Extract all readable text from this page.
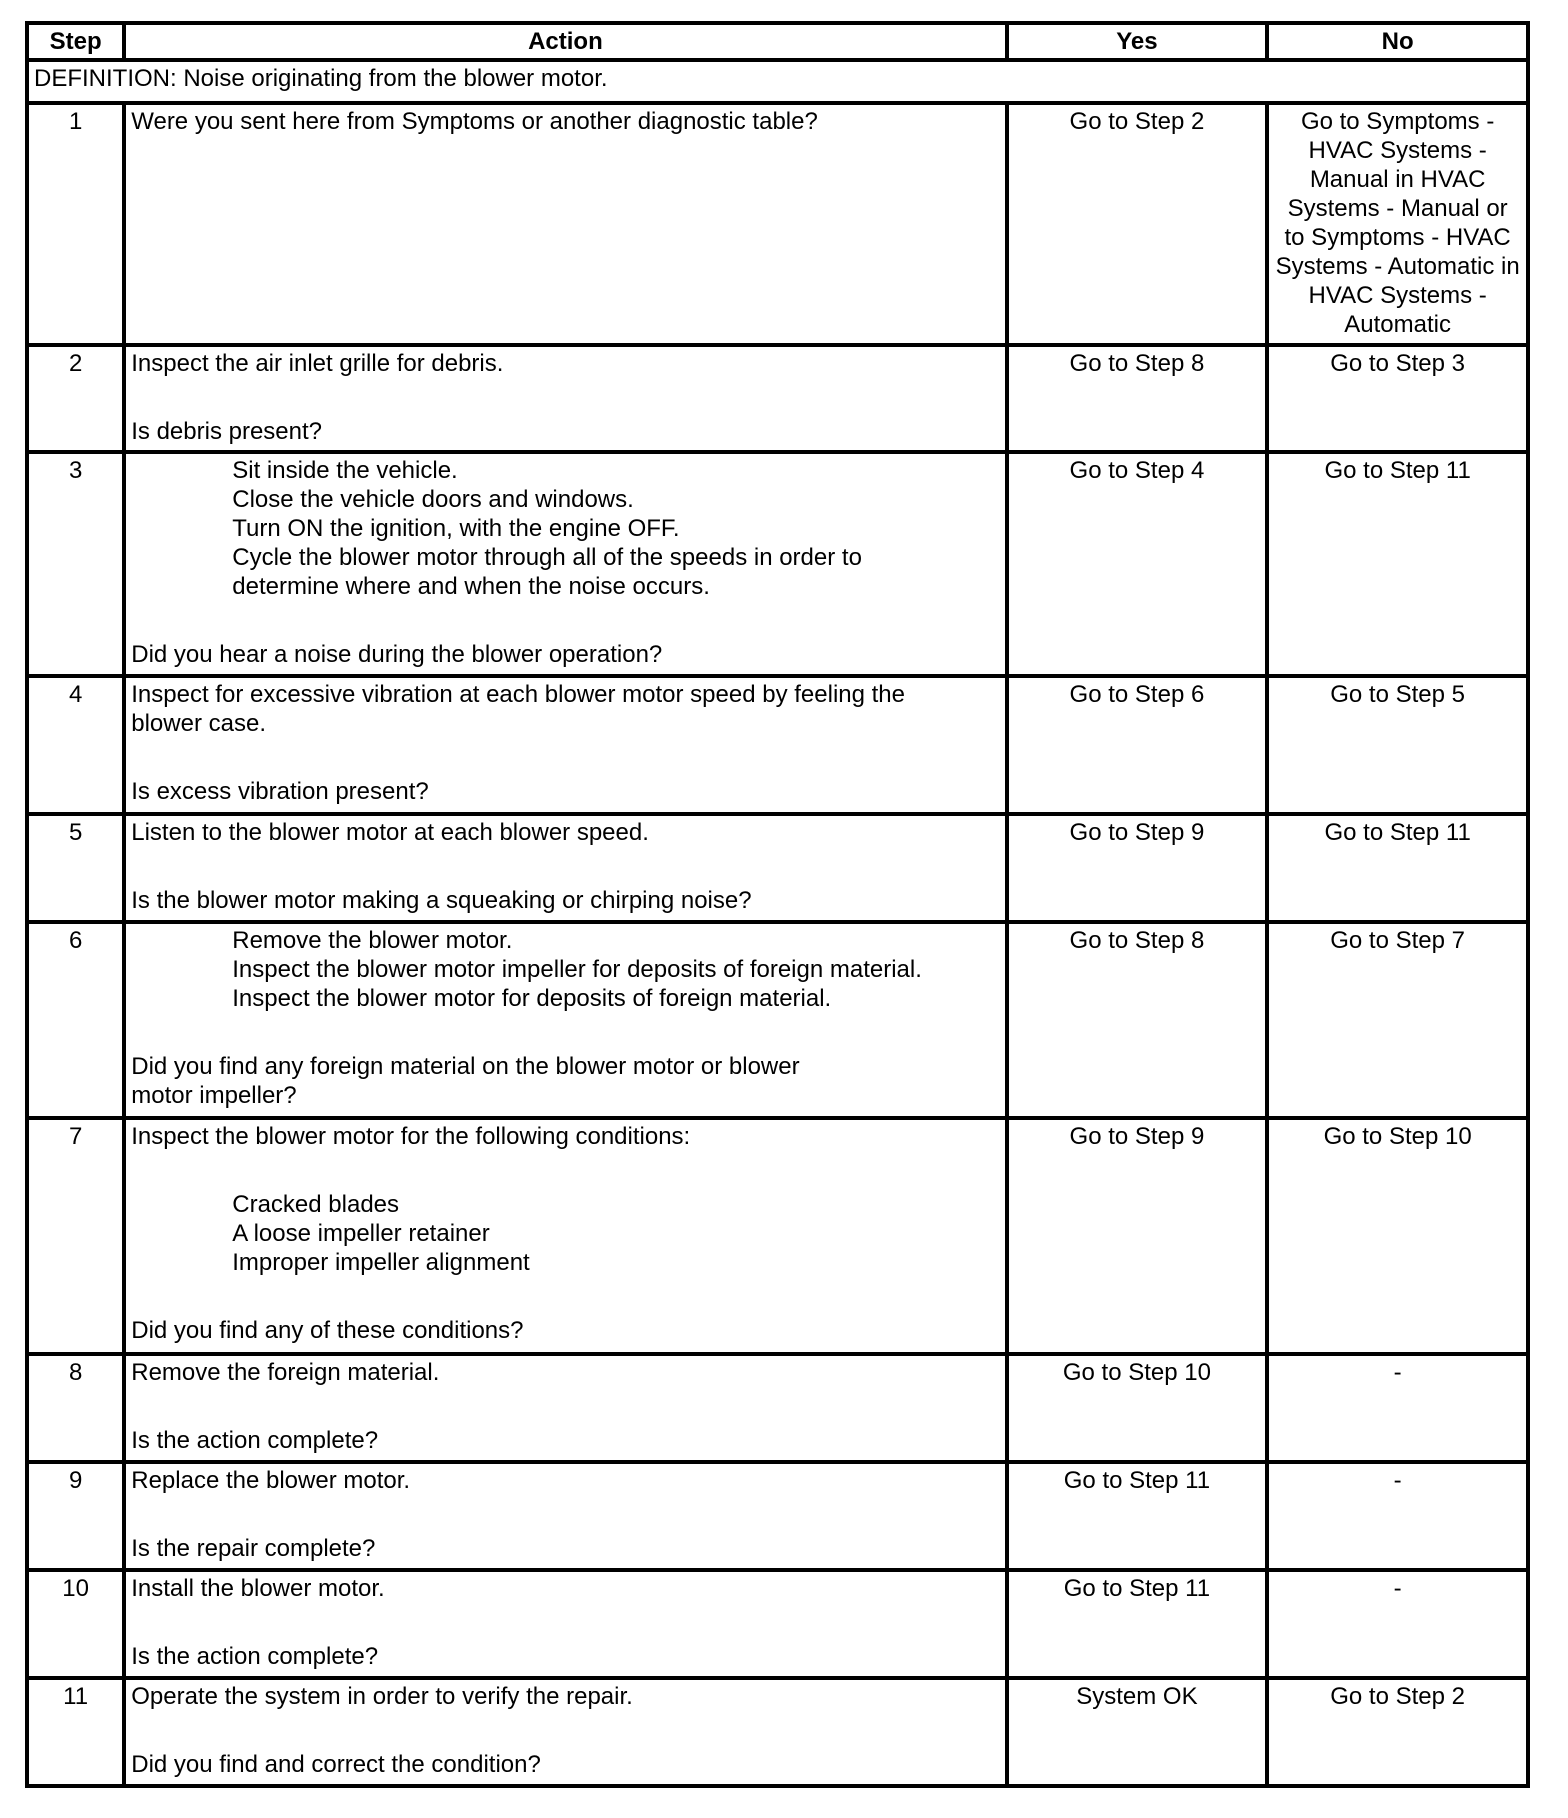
Step	Action	Yes	No
DEFINITION: Noise originating from the blower motor.			
1	Were you sent here from Symptoms or another diagnostic table?	Go to Step 2	Go to Symptoms - HVAC Systems - Manual in HVAC Systems - Manual or to Symptoms - HVAC Systems - Automatic in HVAC Systems - Automatic
2	Inspect the air inlet grille for debris.
Is debris present?	Go to Step 8	Go to Step 3
3	Sit inside the vehicle.
Close the vehicle doors and windows.
Turn ON the ignition, with the engine OFF.
Cycle the blower motor through all of the speeds in order to determine where and when the noise occurs.
Did you hear a noise during the blower operation?	Go to Step 4	Go to Step 11
4	Inspect for excessive vibration at each blower motor speed by feeling the blower case.
Is excess vibration present?	Go to Step 6	Go to Step 5
5	Listen to the blower motor at each blower speed.
Is the blower motor making a squeaking or chirping noise?	Go to Step 9	Go to Step 11
6	Remove the blower motor.
Inspect the blower motor impeller for deposits of foreign material.
Inspect the blower motor for deposits of foreign material.
Did you find any foreign material on the blower motor or blower motor impeller?	Go to Step 8	Go to Step 7
7	Inspect the blower motor for the following conditions:
Cracked blades
A loose impeller retainer
Improper impeller alignment
Did you find any of these conditions?	Go to Step 9	Go to Step 10
8	Remove the foreign material.
Is the action complete?	Go to Step 10	-
9	Replace the blower motor.
Is the repair complete?	Go to Step 11	-
10	Install the blower motor.
Is the action complete?	Go to Step 11	-
11	Operate the system in order to verify the repair.
Did you find and correct the condition?	System OK	Go to Step 2
